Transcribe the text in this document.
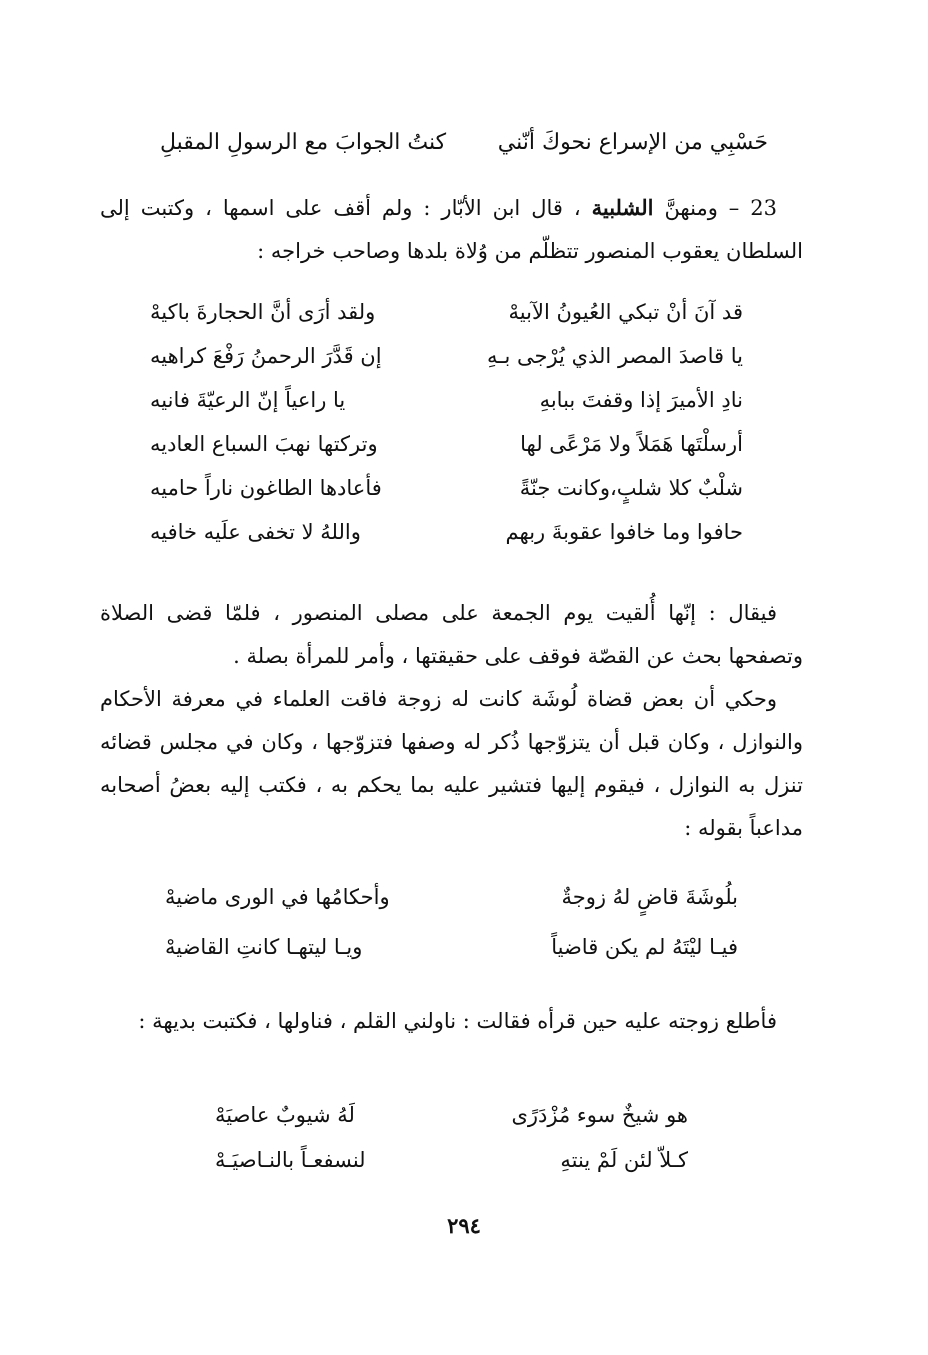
حَسْبِي من الإسراع نحوكَ أنّني
كنتُ الجوابَ مع الرسولِ المقبلِ

23 – ومنهنَّ الشلبية ، قال ابن الأبّار : ولم أقف على اسمها ، وكتبت إلى السلطان يعقوب المنصور تتظلّم من وُلاة بلدها وصاحب خراجه :

قد آنَ أنْ تبكي العُيونُ الآبيهْ
ولقد أرَى أنَّ الحجارةَ باكيهْ
يا قاصدَ المصر الذي يُرْجى بـهِ
إن قَدَّرَ الرحمنُ رَفْعَ كراهيه
نادِ الأميرَ إذا وقفتَ ببابهِ
يا راعياً إنّ الرعيّةَ فانيه
أرسلْتَها هَمَلاً ولا مَرْعًى لها
وتركتها نهبَ السباع العاديه
شلْبٌ كلا شلبٍ،وكانت جنّةً
فأعادها الطاغون ناراً حاميه
حافوا وما خافوا عقوبةَ ربهم
واللهُ لا تخفى علَيه خافيه

فيقال : إنّها أُلقيت يوم الجمعة على مصلى المنصور ، فلمّا قضى الصلاة وتصفحها بحث عن القصّة فوقف على حقيقتها ، وأمر للمرأة بصلة .

وحكي أن بعض قضاة لُوشَة كانت له زوجة فاقت العلماء في معرفة الأحكام والنوازل ، وكان قبل أن يتزوّجها ذُكر له وصفها فتزوّجها ، وكان في مجلس قضائه تنزل به النوازل ، فيقوم إليها فتشير عليه بما يحكم به ، فكتب إليه بعضُ أصحابه مداعباً بقوله :

بلُوشَةَ قاضٍ لهُ زوجةٌ
وأحكامُها في الورى ماضيهْ
فيـا ليْتَهُ لم يكن قاضياً
ويـا ليتهـا كانتِ القاضيهْ

فأطلع زوجته عليه حين قرأه فقالت : ناولني القلم ، فناولها ، فكتبت بديهة :

هو شيخٌ سوء مُزْدَرًى
لَهُ شيوبٌ عاصيَهْ
كـلاّ لئن لَمْ ينتهِ
لنسفعـاً بالنـاصيَـهْ
٢٩٤
